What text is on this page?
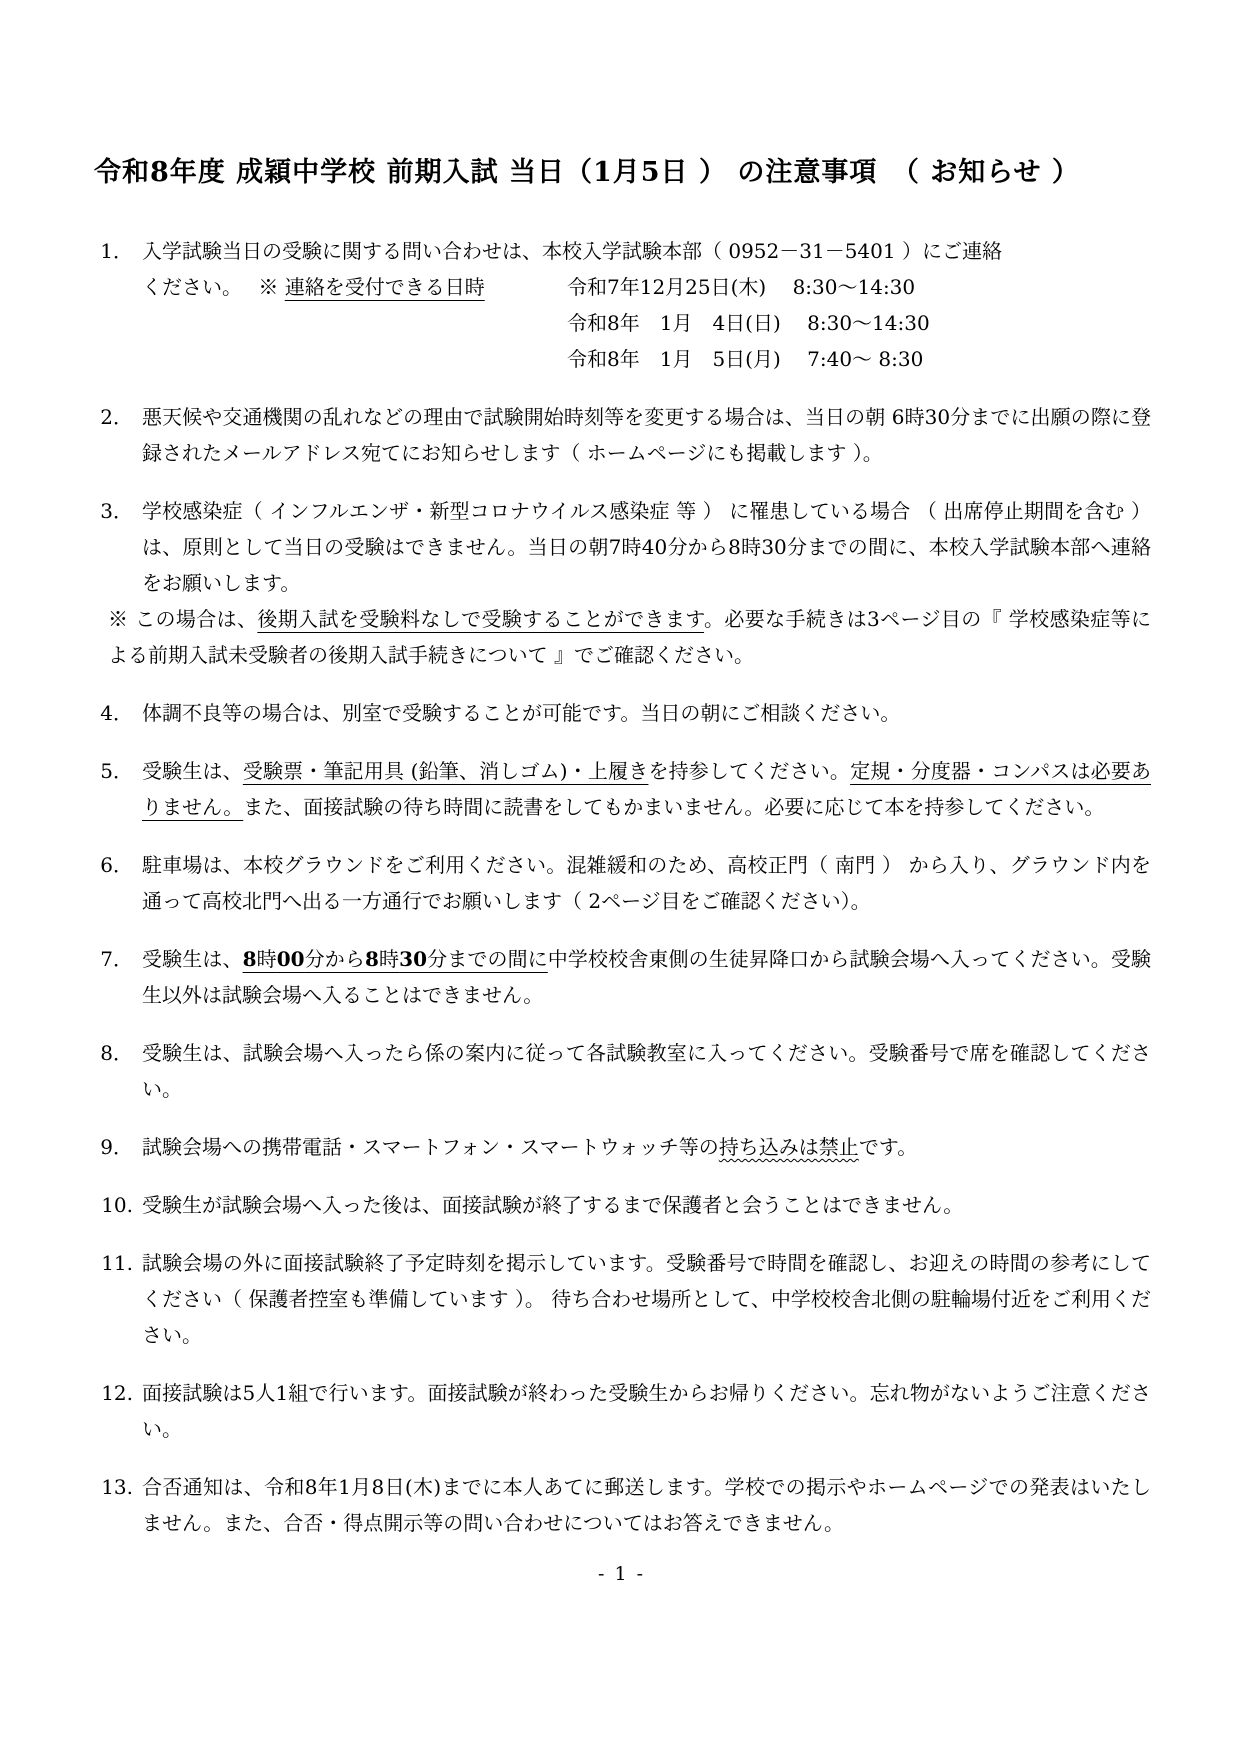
令和8年度 成穎中学校 前期入試 当日（1月5日 ） の注意事項　（ お知らせ ）
1． 入学試験当日の受験に関する問い合わせは、本校入学試験本部（ 0952－31－5401 ）にご連絡
ください。　 ※ 連絡を受付できる日時	令和7年12月25日(木)　 8:30～14:30
令和8年　1月　4日(日)　 8:30～14:30
令和8年　1月　5日(月)　 7:40～ 8:30
2． 悪天候や交通機関の乱れなどの理由で試験開始時刻等を変更する場合は、当日の朝 6時30分までに出願の際に登録されたメールアドレス宛てにお知らせします（ ホームページにも掲載します ）。
3． 学校感染症（ インフルエンザ・新型コロナウイルス感染症 等 ） に罹患している場合 （ 出席停止期間を含む ） は、原則として当日の受験はできません。当日の朝7時40分から8時30分までの間に、本校入学試験本部へ連絡をお願いします。
※ この場合は、後期入試を受験料なしで受験することができます。必要な手続きは3ページ目の『 学校感染症等による前期入試未受験者の後期入試手続きについて 』でご確認ください。
4． 体調不良等の場合は、別室で受験することが可能です。当日の朝にご相談ください。
5． 受験生は、受験票・筆記用具 (鉛筆、消しゴム)・上履きを持参してください。定規・分度器・コンパスは必要ありません。また、面接試験の待ち時間に読書をしてもかまいません。必要に応じて本を持参してください。
6． 駐車場は、本校グラウンドをご利用ください。混雑緩和のため、高校正門（ 南門 ） から入り、グラウンド内を通って高校北門へ出る一方通行でお願いします（ 2ページ目をご確認ください）。
7． 受験生は、8時00分から8時30分までの間に中学校校舎東側の生徒昇降口から試験会場へ入ってください。受験生以外は試験会場へ入ることはできません。
8． 受験生は、試験会場へ入ったら係の案内に従って各試験教室に入ってください。受験番号で席を確認してください。
9． 試験会場への携帯電話・スマートフォン・スマートウォッチ等の持ち込みは禁止です。
10. 受験生が試験会場へ入った後は、面接試験が終了するまで保護者と会うことはできません。
11. 試験会場の外に面接試験終了予定時刻を掲示しています。受験番号で時間を確認し、お迎えの時間の参考にしてください（ 保護者控室も準備しています ）。 待ち合わせ場所として、中学校校舎北側の駐輪場付近をご利用ください。
12. 面接試験は5人1組で行います。面接試験が終わった受験生からお帰りください。忘れ物がないようご注意ください。
13. 合否通知は、令和8年1月8日(木)までに本人あてに郵送します。学校での掲示やホームページでの発表はいたしません。また、合否・得点開示等の問い合わせについてはお答えできません。
- 1 -
